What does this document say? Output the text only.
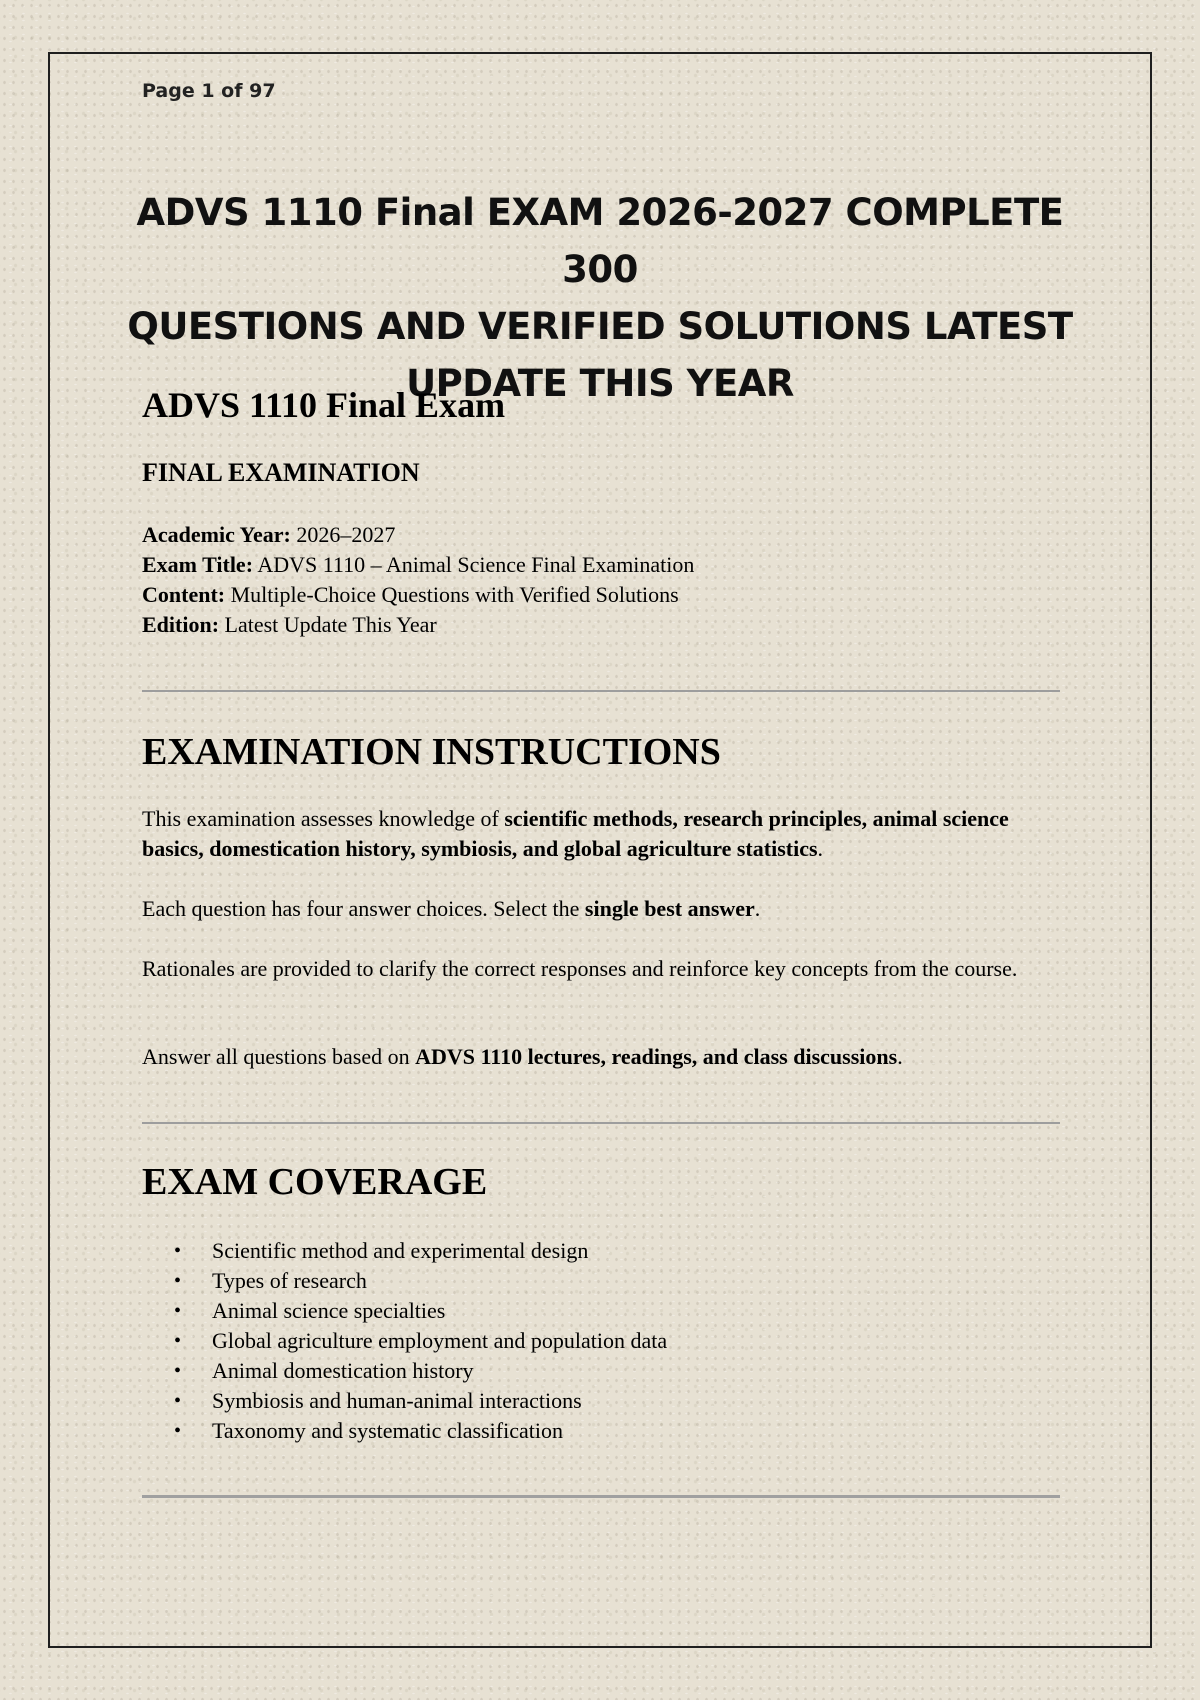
Page 1 of 97
ADVS 1110 Final EXAM 2026-2027 COMPLETE 300
QUESTIONS AND VERIFIED SOLUTIONS LATEST
UPDATE THIS YEAR
ADVS 1110 Final Exam
FINAL EXAMINATION
Academic Year: 2026–2027
Exam Title: ADVS 1110 – Animal Science Final Examination
Content: Multiple-Choice Questions with Verified Solutions
Edition: Latest Update This Year
EXAMINATION INSTRUCTIONS
This examination assesses knowledge of scientific methods, research principles, animal science basics, domestication history, symbiosis, and global agriculture statistics.
Each question has four answer choices. Select the single best answer.
Rationales are provided to clarify the correct responses and reinforce key concepts from the course.
Answer all questions based on ADVS 1110 lectures, readings, and class discussions.
EXAM COVERAGE
• Scientific method and experimental design
• Types of research
• Animal science specialties
• Global agriculture employment and population data
• Animal domestication history
• Symbiosis and human-animal interactions
• Taxonomy and systematic classification
